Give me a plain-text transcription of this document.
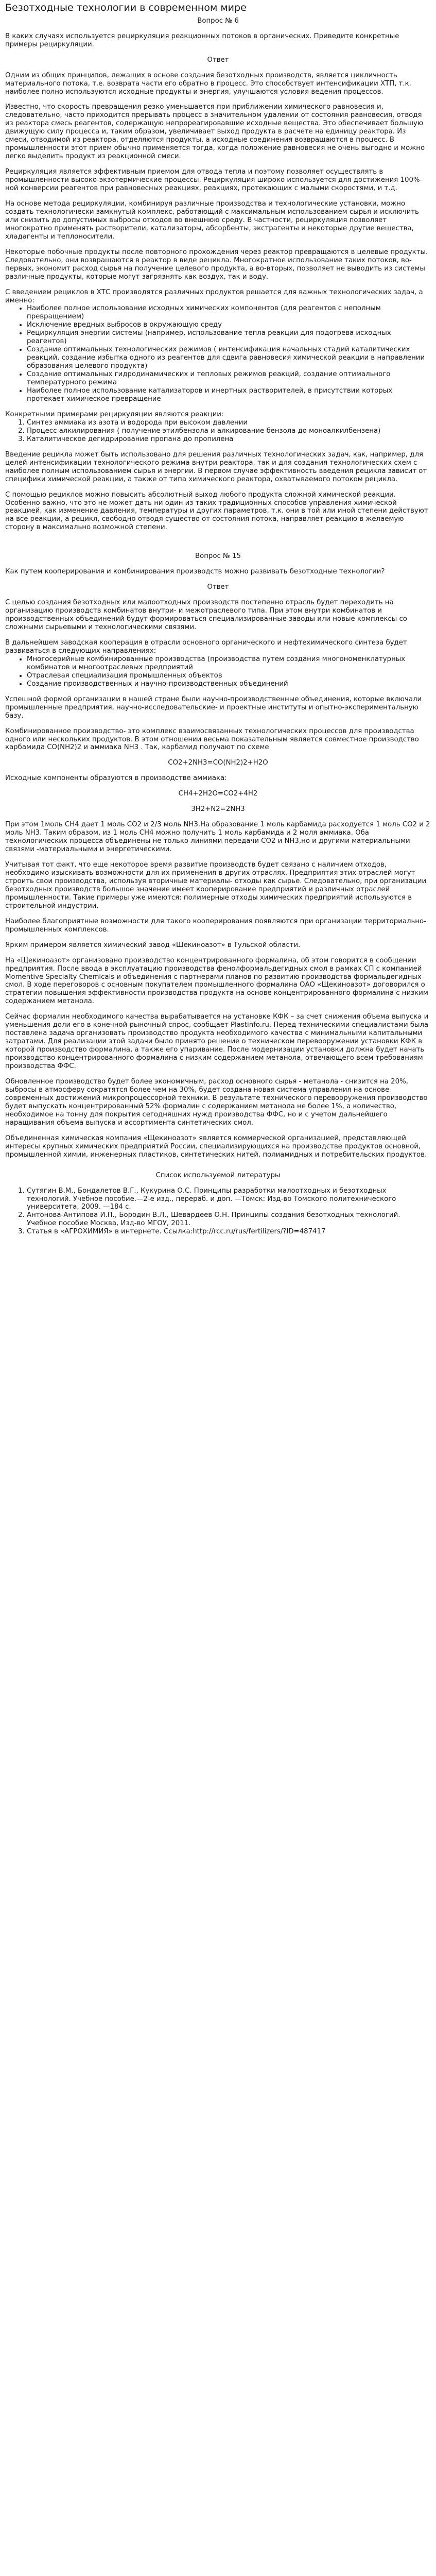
Безотходные технологии в современном мире

Вопрос № 6

В каких случаях используется рециркуляция реакционных потоков в органических. Приведите конкретные примеры рециркуляции.

Ответ

Одним из общих принципов, лежащих в основе создания безотходных производств, является цикличность материального потока, т.е. возврата части его обратно в процесс. Это способствует интенсификации ХТП, т.к. наиболее полно используются исходные продукты и энергия, улучшаются условия ведения процессов.

Известно, что скорость превращения резко уменьшается при приближении химического равновесия и, следовательно, часто приходится прерывать процесс в значительном удалении от состояния равновесия, отводя из реактора смесь реагентов, содержащую непрореагировавшие исходные вещества. Это обеспечивает большую движущую силу процесса и, таким образом, увеличивает выход продукта в расчете на единицу реактора. Из смеси, отводимой из реактора, отделяются продукты, а исходные соединения возвращаются в процесс. В промышленности этот прием обычно применяется тогда, когда положение равновесия не очень выгодно и можно легко выделить продукт из реакционной смеси.

Рециркуляция является эффективным приемом для отвода тепла и поэтому позволяет осуществлять в промышленности высоко-экзотермические процессы. Рециркуляция широко используется для достижения 100%-ной конверсии реагентов при равновесных реакциях, реакциях, протекающих с малыми скоростями, и т.д.

На основе метода рециркуляции, комбинируя различные производства и технологические установки, можно создать технологически замкнутый комплекс, работающий с максимальным использованием сырья и исключить или снизить до допустимых выбросы отходов во внешнюю среду. В частности, рециркуляция позволяет многократно применять растворители, катализаторы, абсорбенты, экстрагенты и некоторые другие вещества, хладагенты и теплоносители.

Некоторые побочные продукты после повторного прохождения через реактор превращаются в целевые продукты. Следовательно, они возвращаются в реактор в виде рецикла. Многократное использование таких потоков, во-первых, экономит расход сырья на получение целевого продукта, а во-вторых, позволяет не выводить из системы различные продукты, которые могут загрязнять как воздух, так и воду.

С введением рециклов в ХТС производятся различных продуктов решается для важных технологических задач, а именно:

• Наиболее полное использование исходных химических компонентов (для реагентов с неполным превращением)
• Исключение вредных выбросов в окружающую среду
• Рециркуляция энергии системы (например, использование тепла реакции для подогрева исходных реагентов)
• Создание оптимальных технологических режимов ( интенсификация начальных стадий каталитических реакций, создание избытка одного из реагентов для сдвига равновесия химической реакции в направлении образования целевого продукта)
• Создание оптимальных гидродинамических и тепловых режимов реакций, создание оптимального температурного режима
• Наиболее полное использование катализаторов и инертных растворителей, в присутствии которых протекает химическое превращение

Конкретными примерами рециркуляции являются реакции:

1. Синтез аммиака из азота и водорода при высоком давлении
2. Процесс алкилирования ( получение этилбензола и алкирование бензола до моноалкилбензена)
3. Каталитическое дегидрирование пропана до пропилена

Введение рецикла может быть использовано для решения различных технологических задач, как, например, для целей интенсификации технологического режима внутри реактора, так и для создания технологических схем с наиболее полным использованием сырья и энергии. В первом случае эффективность введения рецикла зависит от специфики химической реакции, а также от типа химического реактора, охватываемого потоком рецикла.

С помощью рециклов можно повысить абсолютный выход любого продукта сложной химической реакции. Особенно важно, что это не может дать ни один из таких традиционных способов управления химической реакцией, как изменение давления, температуры и других параметров, т.к. они в той или иной степени действуют на все реакции, а рецикл, свободно отводя существо от состояния потока, направляет реакцию в желаемую сторону в максимально возможной степени.

Вопрос № 15

Как путем кооперирования и комбинирования производств можно развивать безотходные технологии?

Ответ

С целью создания безотходных или малоотходных производств постепенно отрасль будет переходить на организацию производств комбинатов внутри- и межотраслевого типа. При этом внутри комбинатов и производственных объединений будут формироваться специализированные заводы или новые комплексы со сложными сырьевыми и технологическими связями.

В дальнейшем заводская кооперация в отрасли основного органического и нефтехимического синтеза будет развиваться в следующих направлениях:

• Многосерийные комбинированные производства (производства путем создания многономенклатурных комбинатов и многоотраслевых предприятий
• Отраслевая специализация промышленных объектов
• Создание производственных и научно-производственных объединений

Успешной формой организации в нашей стране были научно-производственные объединения, которые включали промышленные предприятия, научно-исследовательские- и проектные институты и опытно-экспериментальную базу.

Комбинированное производство- это комплекс взаимосвязанных технологических процессов для производства одного или нескольких продуктов. В этом отношении весьма показательным является совместное производство карбамида CO(NH2)2 и аммиака NH3 . Так, карбамид получают по схеме

CO2+2NH3=CO(NH2)2+H2O

Исходные компоненты образуются в производстве аммиака:

CH4+2H2O=CO2+4H2

3H2+N2=2NH3

При этом 1моль CH4 дает 1 моль CO2 и 2/3 моль NH3.На образование 1 моль карбамида расходуется 1 моль CO2 и 2 моль NH3. Таким образом, из 1 моль CH4 можно получить 1 моль карбамида и 2 моля аммиака. Оба технологических процесса объединены не только линиями передачи CO2 и NH3,но и другими материальными связями -материальными и энергетическими.

Учитывая тот факт, что еще некоторое время развитие производств будет связано с наличием отходов, необходимо изыскивать возможности для их применения в других отраслях. Предприятия этих отраслей могут строить свои производства, используя вторичные материалы- отходы как сырье. Следовательно, при организации безотходных производств большое значение имеет кооперирование предприятий и различных отраслей промышленности. Такие примеры уже имеются: полимерные отходы химических предприятий используются в строительной индустрии.

Наиболее благоприятные возможности для такого кооперирования появляются при организации территориально-промышленных комплексов.

Ярким примером является химический завод «Щекиноазот» в Тульской области.

На «Щекиноазот» организовано производство концентрированного формалина, об этом говорится в сообщении предприятия. После ввода в эксплуатацию производства фенолформальдегидных смол в рамках СП с компанией Momentive Specialty Chemicals и объединения с партнерами планов по развитию производства формальдегидных смол. В ходе переговоров с основным покупателем промышленного формалина ОАО «Щекиноазот» договорился о стратегии повышения эффективности производства продукта на основе концентрированного формалина с низким содержанием метанола.

Сейчас формалин необходимого качества вырабатывается на установке КФК – за счет снижения объема выпуска и уменьшения доли его в конечной рыночный спрос, сообщает Plastinfo.ru. Перед техническими специалистами была поставлена задача организовать производство продукта необходимого качества с минимальными капитальными затратами. Для реализации этой задачи было принято решение о техническом перевооружении установки КФК в которой производство формалина, а также его упаривание. После модернизации установки должна будет начать производство концентрированного формалина с низким содержанием метанола, отвечающего всем требованиям производства ФФС.

Обновленное производство будет более экономичным, расход основного сырья - метанола - снизится на 20%, выбросы в атмосферу сократятся более чем на 30%, будет создана новая система управления на основе современных достижений микропроцессорной техники. В результате технического перевооружения производство будет выпускать концентрированный 52% формалин с содержанием метанола не более 1%, а количество, необходимое на тонну для покрытия сегодняшних нужд производства ФФС, но и с учетом дальнейшего наращивания объема выпуска и ассортимента синтетических смол.

Объединенная химическая компания «Щекиноазот» является коммерческой организацией, представляющей интересы крупных химических предприятий России, специализирующихся на производстве продуктов основной, промышленной химии, инженерных пластиков, синтетических нитей, полиамидных и потребительских продуктов.

Список используемой литературы

1. Сутягин В.М., Бондалетов В.Г., Кукурина О.С. Принципы разработки малоотходных и безотходных технологий. Учебное пособие.—2-е изд., перераб. и доп. —Томск: Изд-во Томского политехнического университета, 2009. —184 с.
2. Антонова-Антипова И.П., Бородин В.Л., Шевардеев О.Н. Принципы создания безотходных технологий. Учебное пособие Москва, Изд-во МГОУ, 2011.
3. Статья в «АГРОХИМИЯ» в интернете. Ссылка:http://rcc.ru/rus/fertilizers/?ID=487417
